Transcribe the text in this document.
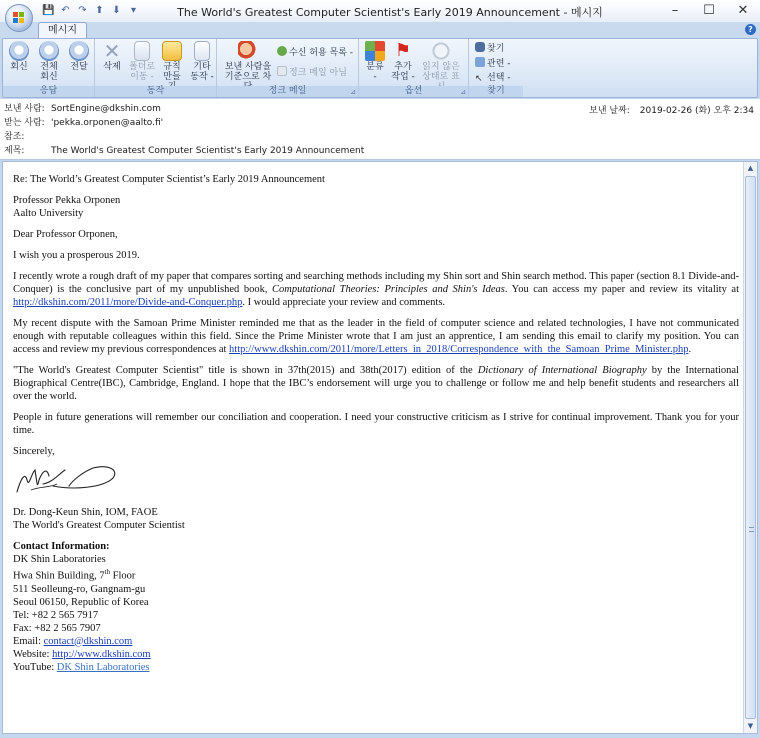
💾 ↶ ↷ ⬆ ⬇	▾	The World's Greatest Computer Scientist's Early 2019 Announcement - 메시지	–	☐	✕
메시지	?
회신	전체
회신
전달
응답
✕
삭제 폴더로
이동 -
규칙
만들
기타
동작 -
동작
보낸 사람을
기준으로 차
수신 허용 목록 -
정크 메일 아님
정크 메일	⊿
분류
-
⚑
추가
작업 -
읽지 않은
상태로 표
옵션	⊿
찾기
관련 -
↖ 선택 -
찾기
보낸 사람: SortEngine@dkshin.com
받는 사람: 'pekka.orponen@aalto.fi'
참조:
제목:	The World's Greatest Computer Scientist's Early 2019 Announcement
보낸 날짜: 2019-02-26 (화) 오후 2:34

Re: The World’s Greatest Computer Scientist’s Early 2019 Announcement

Professor Pekka Orponen
Aalto University

Dear Professor Orponen,

I wish you a prosperous 2019.

I recently wrote a rough draft of my paper that compares sorting and searching methods including my Shin sort and Shin search method. This paper (section 8.1 Divide-and-Conquer) is the conclusive part of my unpublished book, Computational Theories: Principles and Shin's Ideas. You can access my paper and review its vitality at http://dkshin.com/2011/more/Divide-and-Conquer.php. I would appreciate your review and comments.

My recent dispute with the Samoan Prime Minister reminded me that as the leader in the field of computer science and related technologies, I have not communicated enough with reputable colleagues within this field. Since the Prime Minister wrote that I am just an apprentice, I am sending this email to clarify my position. You can access and review my previous correspondences at http://www.dkshin.com/2011/more/Letters_in_2018/Correspondence_with_the_Samoan_Prime_Minister.php.

"The World's Greatest Computer Scientist" title is shown in 37th(2015) and 38th(2017) edition of the Dictionary of International Biography by the International Biographical Centre(IBC), Cambridge, England. I hope that the IBC’s endorsement will urge you to challenge or follow me and help benefit students and researchers all over the world.

People in future generations will remember our conciliation and cooperation. I need your constructive criticism as I strive for continual improvement. Thank you for your time.

Sincerely,
Dr. Dong-Keun Shin, IOM, FAOE
The World's Greatest Computer Scientist
Contact Information:
DK Shin Laboratories
Hwa Shin Building, 7th Floor
511 Seolleung-ro, Gangnam-gu
Seoul 06150, Republic of Korea
Tel: +82 2 565 7917
Fax: +82 2 565 7907
Email: contact@dkshin.com
Website: http://www.dkshin.com
YouTube: DK Shin Laboratories
▲
▼
